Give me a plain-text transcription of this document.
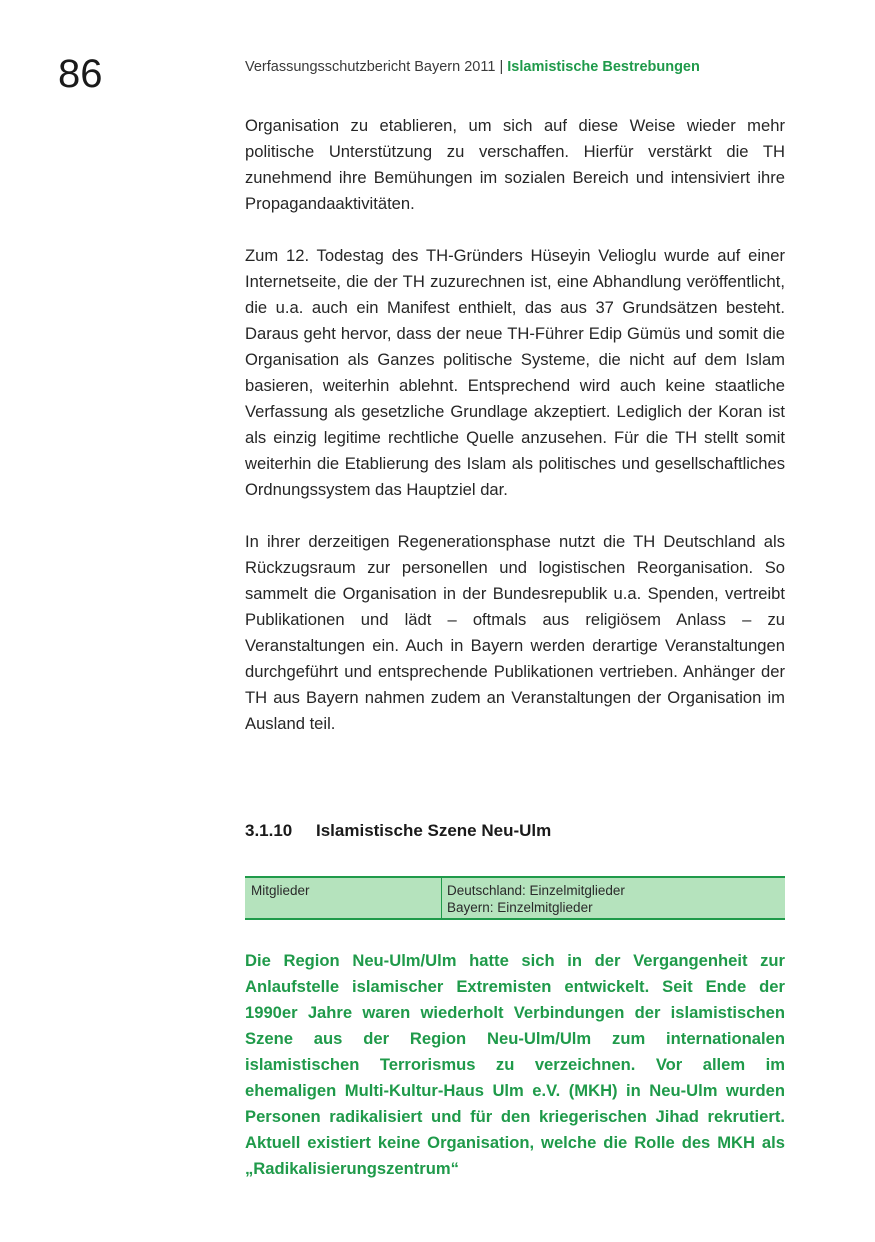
86	Verfassungsschutzbericht Bayern 2011 | Islamistische Bestrebungen

Organisation zu etablieren, um sich auf diese Weise wieder mehr politische Unterstützung zu verschaffen. Hierfür verstärkt die TH zunehmend ihre Bemühungen im sozialen Bereich und intensiviert ihre Propagandaaktivitäten.

Zum 12. Todestag des TH-Gründers Hüseyin Velioglu wurde auf einer Internetseite, die der TH zuzurechnen ist, eine Abhandlung veröffentlicht, die u.a. auch ein Manifest enthielt, das aus 37 Grundsätzen besteht. Daraus geht hervor, dass der neue TH-Führer Edip Gümüs und somit die Organisation als Ganzes politische Systeme, die nicht auf dem Islam basieren, weiterhin ablehnt. Entsprechend wird auch keine staatliche Verfassung als gesetzliche Grundlage akzeptiert. Lediglich der Koran ist als einzig legitime rechtliche Quelle anzusehen. Für die TH stellt somit weiterhin die Etablierung des Islam als politisches und gesellschaftliches Ordnungssystem das Hauptziel dar.

In ihrer derzeitigen Regenerationsphase nutzt die TH Deutschland als Rückzugsraum zur personellen und logistischen Reorganisation. So sammelt die Organisation in der Bundesrepublik u.a. Spenden, vertreibt Publikationen und lädt – oftmals aus religiösem Anlass – zu Veranstaltungen ein. Auch in Bayern werden derartige Veranstaltungen durchgeführt und entsprechende Publikationen vertrieben. Anhänger der TH aus Bayern nahmen zudem an Veranstaltungen der Organisation im Ausland teil.

3.1.10 Islamistische Szene Neu-Ulm
Mitglieder	Deutschland: Einzelmitglieder
Bayern: Einzelmitglieder

Die Region Neu-Ulm/Ulm hatte sich in der Vergangenheit zur Anlaufstelle islamischer Extremisten entwickelt. Seit Ende der 1990er Jahre waren wiederholt Verbindungen der islamistischen Szene aus der Region Neu-Ulm/Ulm zum internationalen islamistischen Terrorismus zu verzeichnen. Vor allem im ehemaligen Multi-Kultur-Haus Ulm e.V. (MKH) in Neu-Ulm wurden Personen radikalisiert und für den kriegerischen Jihad rekrutiert. Aktuell existiert keine Organisation, welche die Rolle des MKH als „Radikalisierungszentrum“
